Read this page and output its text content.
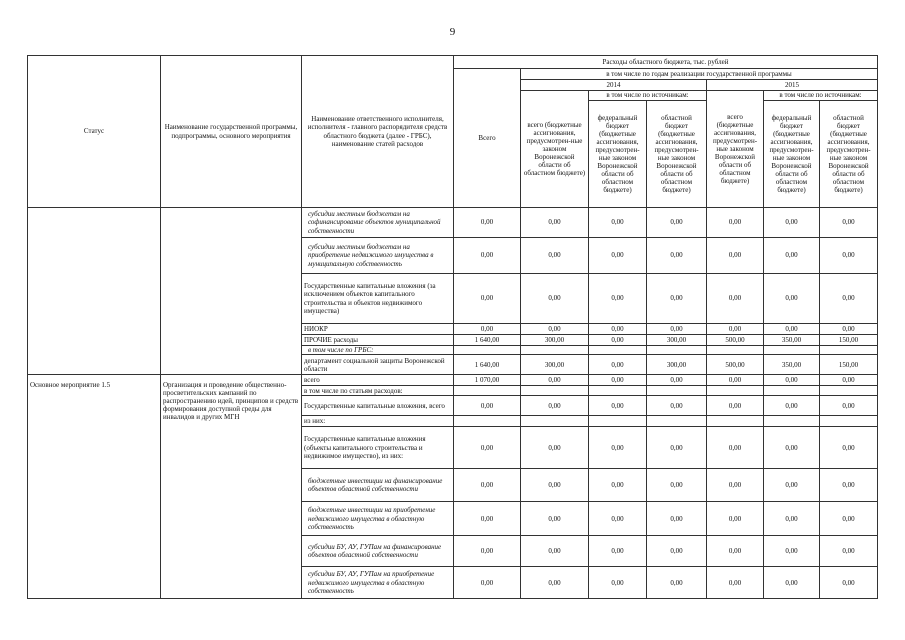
9
Статус	Наименование государственной программы, подпрограммы, основного мероприятия	Наименование ответственного исполнителя, исполнителя - главного распорядителя средств областного бюджета (далее - ГРБС), наименование статей расходов	Расходы областного бюджета, тыс. рублей						
			Всего	в том числе по годам реализации государственной программы					
				2014			2015		
				всего (бюджетные ассигнования, предусмотрен-ные законом Воронежской области об областном бюджете)	в том числе по источникам:		всего (бюджетные ассигнования, предусмотрен-ные законом Воронежской области об областном бюджете)	в том числе по источникам:	
					федеральный бюджет (бюджетные ассигнования, предусмотрен-ные законом Воронежской области об областном бюджете)	областной бюджет (бюджетные ассигнования, предусмотрен-ные законом Воронежской области об областном бюджете)		федеральный бюджет (бюджетные ассигнования, предусмотрен-ные законом Воронежской области об областном бюджете)	областной бюджет (бюджетные ассигнования, предусмотрен-ные законом Воронежской области об областном бюджете)
		субсидии местным бюджетам на софинансирование объектов муниципальной собственности	0,00	0,00	0,00	0,00	0,00	0,00	0,00
		субсидии местным бюджетам на приобретение недвижимого имущества в муниципальную собственность	0,00	0,00	0,00	0,00	0,00	0,00	0,00
		Государственные капитальные вложения (за исключением объектов капитального строительства и объектов недвижимого имущества)	0,00	0,00	0,00	0,00	0,00	0,00	0,00
		НИОКР	0,00	0,00	0,00	0,00	0,00	0,00	0,00
		ПРОЧИЕ расходы	1 640,00	300,00	0,00	300,00	500,00	350,00	150,00
		в том числе по ГРБС:							
		департамент социальной защиты Воронежской области	1 640,00	300,00	0,00	300,00	500,00	350,00	150,00
Основное мероприятие 1.5	Организация и проведение общественно-просветительских кампаний по распространению идей, принципов и средств формирования доступной среды для инвалидов и других МГН	всего	1 070,00	0,00	0,00	0,00	0,00	0,00	0,00
		в том числе по статьям расходов:							
		Государственные капитальные вложения, всего	0,00	0,00	0,00	0,00	0,00	0,00	0,00
		из них:							
		Государственные капитальные вложения (объекты капитального строительства и недвижимое имущество), из них:	0,00	0,00	0,00	0,00	0,00	0,00	0,00
		бюджетные инвестиции на финансирование объектов областной собственности	0,00	0,00	0,00	0,00	0,00	0,00	0,00
		бюджетные инвестиции на приобретение недвижимого имущества в областную собственность	0,00	0,00	0,00	0,00	0,00	0,00	0,00
		субсидии БУ, АУ, ГУПам на финансирование объектов областной собственности	0,00	0,00	0,00	0,00	0,00	0,00	0,00
		субсидии БУ, АУ, ГУПам на приобретение недвижимого имущества в областную собственность	0,00	0,00	0,00	0,00	0,00	0,00	0,00
